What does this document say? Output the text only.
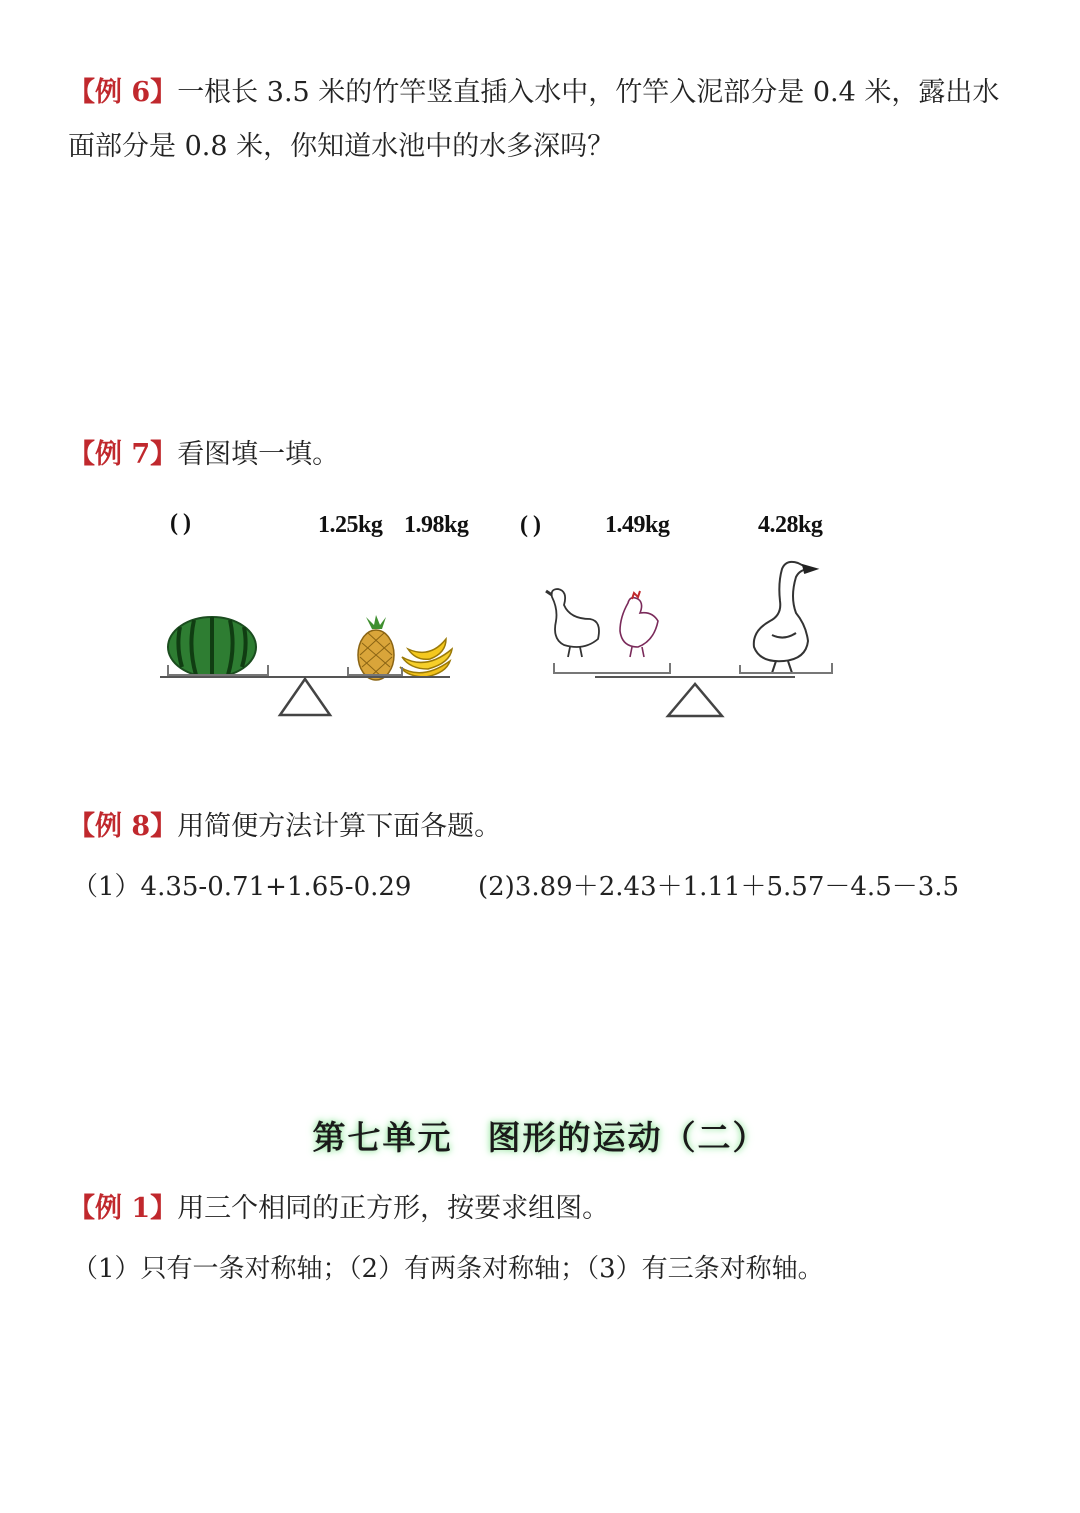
【例 6】一根长 3.5 米的竹竿竖直插入水中，竹竿入泥部分是 0.4 米，露出水
面部分是 0.8 米，你知道水池中的水多深吗？
【例 7】看图填一填。
( )	1.25kg 1.98kg ( )	1.49kg	4.28kg
【例 8】用简便方法计算下面各题。
（1）4.35-0.71+1.65-0.29	(2)3.89＋2.43＋1.11＋5.57－4.5－3.5
第七单元　图形的运动（二）
【例 1】用三个相同的正方形，按要求组图。
（1）只有一条对称轴；（2）有两条对称轴；（3）有三条对称轴。
